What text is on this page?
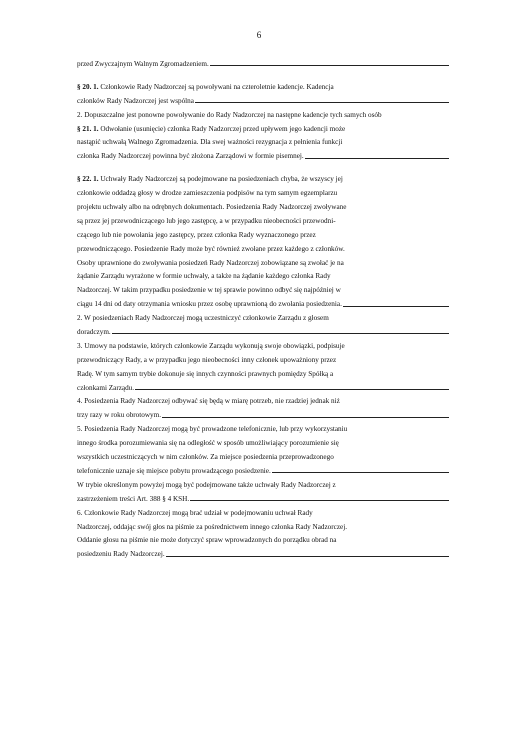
6
przed Zwyczajnym Walnym Zgromadzeniem.
§ 20. 1. Członkowie Rady Nadzorczej są powoływani na czteroletnie kadencje. Kadencja
członków Rady Nadzorczej jest wspólna
2. Dopuszczalne jest ponowne powoływanie do Rady Nadzorczej na następne kadencje tych samych osób
§ 21. 1. Odwołanie (usunięcie) członka Rady Nadzorczej przed upływem jego kadencji może
nastąpić uchwałą Walnego Zgromadzenia. Dla swej ważności rezygnacja z pełnienia funkcji
członka Rady Nadzorczej powinna być złożona Zarządowi w formie pisemnej.
§ 22. 1. Uchwały Rady Nadzorczej są podejmowane na posiedzeniach chyba, że wszyscy jej
członkowie oddadzą głosy w drodze zamieszczenia podpisów na tym samym egzemplarzu
projektu uchwały albo na odrębnych dokumentach. Posiedzenia Rady Nadzorczej zwoływane
są przez jej przewodniczącego lub jego zastępcę, a w przypadku nieobecności przewodni-
czącego lub nie powołania jego zastępcy, przez członka Rady wyznaczonego przez
przewodniczącego. Posiedzenie Rady może być również zwołane przez każdego z członków.
Osoby uprawnione do zwoływania posiedzeń Rady Nadzorczej zobowiązane są zwołać je na
żądanie Zarządu wyrażone w formie uchwały, a także na żądanie każdego członka Rady
Nadzorczej. W takim przypadku posiedzenie w tej sprawie powinno odbyć się najpóźniej w
ciągu 14 dni od daty otrzymania wniosku przez osobę uprawnioną do zwołania posiedzenia.
2. W posiedzeniach Rady Nadzorczej mogą uczestniczyć członkowie Zarządu z głosem
doradczym.
3. Umowy na podstawie, których członkowie Zarządu wykonują swoje obowiązki, podpisuje
przewodniczący Rady, a w przypadku jego nieobecności inny członek upoważniony przez
Radę. W tym samym trybie dokonuje się innych czynności prawnych pomiędzy Spółką a
członkami Zarządu.
4. Posiedzenia Rady Nadzorczej odbywać się będą w miarę potrzeb, nie rzadziej jednak niż
trzy razy w roku obrotowym.
5. Posiedzenia Rady Nadzorczej mogą być prowadzone telefonicznie, lub przy wykorzystaniu
innego środka porozumiewania się na odległość w sposób umożliwiający porozumienie się
wszystkich uczestniczących w nim członków. Za miejsce posiedzenia przeprowadzonego
telefonicznie uznaje się miejsce pobytu prowadzącego posiedzenie.
W trybie określonym powyżej mogą być podejmowane także uchwały Rady Nadzorczej z
zastrzeżeniem treści Art. 388 § 4 KSH.
6. Członkowie Rady Nadzorczej mogą brać udział w podejmowaniu uchwał Rady
Nadzorczej, oddając swój głos na piśmie za pośrednictwem innego członka Rady Nadzorczej.
Oddanie głosu na piśmie nie może dotyczyć spraw wprowadzonych do porządku obrad na
posiedzeniu Rady Nadzorczej.
